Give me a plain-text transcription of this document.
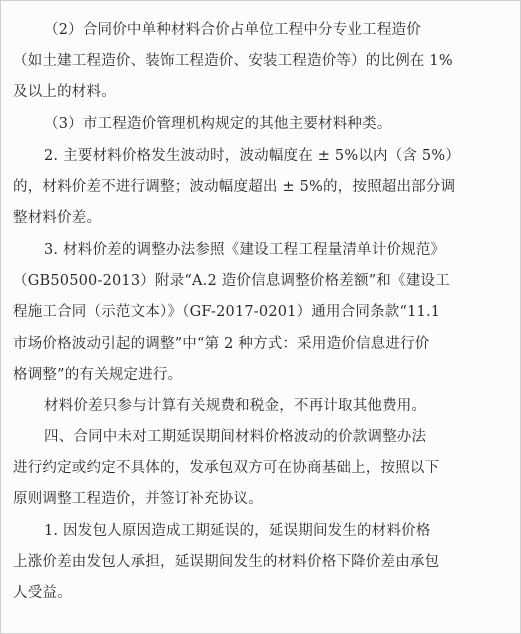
（2）合同价中单种材料合价占单位工程中分专业工程造价
（如土建工程造价、装饰工程造价、安装工程造价等）的比例在 1%
及以上的材料。
（3）市工程造价管理机构规定的其他主要材料种类。
2. 主要材料价格发生波动时，波动幅度在 ± 5%以内（含 5%）
的，材料价差不进行调整；波动幅度超出 ± 5%的，按照超出部分调
整材料价差。
3. 材料价差的调整办法参照《建设工程工程量清单计价规范》
（GB50500-2013）附录“A.2 造价信息调整价格差额”和《建设工
程施工合同（示范文本）》（GF-2017-0201）通用合同条款“11.1
市场价格波动引起的调整”中“第 2 种方式：采用造价信息进行价
格调整”的有关规定进行。
材料价差只参与计算有关规费和税金，不再计取其他费用。
四、合同中未对工期延误期间材料价格波动的价款调整办法
进行约定或约定不具体的，发承包双方可在协商基础上，按照以下
原则调整工程造价，并签订补充协议。
1. 因发包人原因造成工期延误的，延误期间发生的材料价格
上涨价差由发包人承担，延误期间发生的材料价格下降价差由承包
人受益。
